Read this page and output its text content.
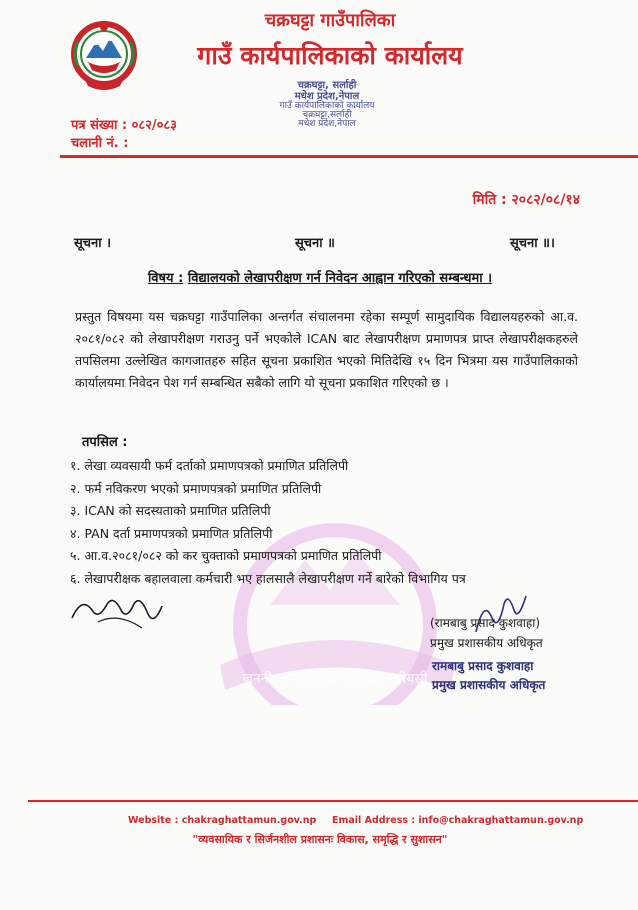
चक्रघट्टा गाउँपालिका
गाउँ कार्यपालिकाको कार्यालय
चक्रघट्टा, सर्लाही
मधेश प्रदेश,नेपाल
गाउँ कार्यपालिकाको कार्यालय
चक्रघट्टा,सर्लाही
मधेश प्रदेश,नेपाल
पत्र संख्या : ०८२/०८३
चलानी नं. :
मिति : २०८२/०८/१४
सूचना ।	सूचना ॥	सूचना ॥।
जननी जन्मभूमिश्च स्वर्गादपि गरीयसी
विषय : विद्यालयको लेखापरीक्षण गर्न निवेदन आह्वान गरिएको सम्बन्धमा ।
प्रस्तुत विषयमा यस चक्रघट्टा गाउँपालिका अन्तर्गत संचालनमा रहेका सम्पूर्ण सामुदायिक विद्यालयहरुको आ.व. २०८१/०८२ को लेखापरीक्षण गराउनु पर्ने भएकोले ICAN बाट लेखापरीक्षण प्रमाणपत्र प्राप्त लेखापरीक्षकहरुले तपसिलमा उल्लेखित कागजातहरु सहित सूचना प्रकाशित भएको मितिदेखि १५ दिन भित्रमा यस गाउँपालिकाको कार्यालयमा निवेदन पेश गर्न सम्बन्धित सबैको लागि यो सूचना प्रकाशित गरिएको छ ।
तपसिल :
१. लेखा व्यवसायी फर्म दर्ताको प्रमाणपत्रको प्रमाणित प्रतिलिपी
२. फर्म नविकरण भएको प्रमाणपत्रको प्रमाणित प्रतिलिपी
३. ICAN को सदस्यताको प्रमाणित प्रतिलिपी
४. PAN दर्ता प्रमाणपत्रको प्रमाणित प्रतिलिपी
५. आ.व.२०८१/०८२ को कर चुक्ताको प्रमाणपत्रको प्रमाणित प्रतिलिपी
६. लेखापरीक्षक बहालवाला कर्मचारी भए हालसालै लेखापरीक्षण गर्ने बारेको विभागिय पत्र
(रामबाबु प्रसाद कुशवाहा)
प्रमुख प्रशासकीय अधिकृत
रामबाबु प्रसाद कुशवाहा
प्रमुख प्रशासकीय अधिकृत
Website : chakraghattamun.gov.np Email Address : info@chakraghattamun.gov.np
"व्यवसायिक र सिर्जनशील प्रशासनः विकास, समृद्धि र सुशासन"
